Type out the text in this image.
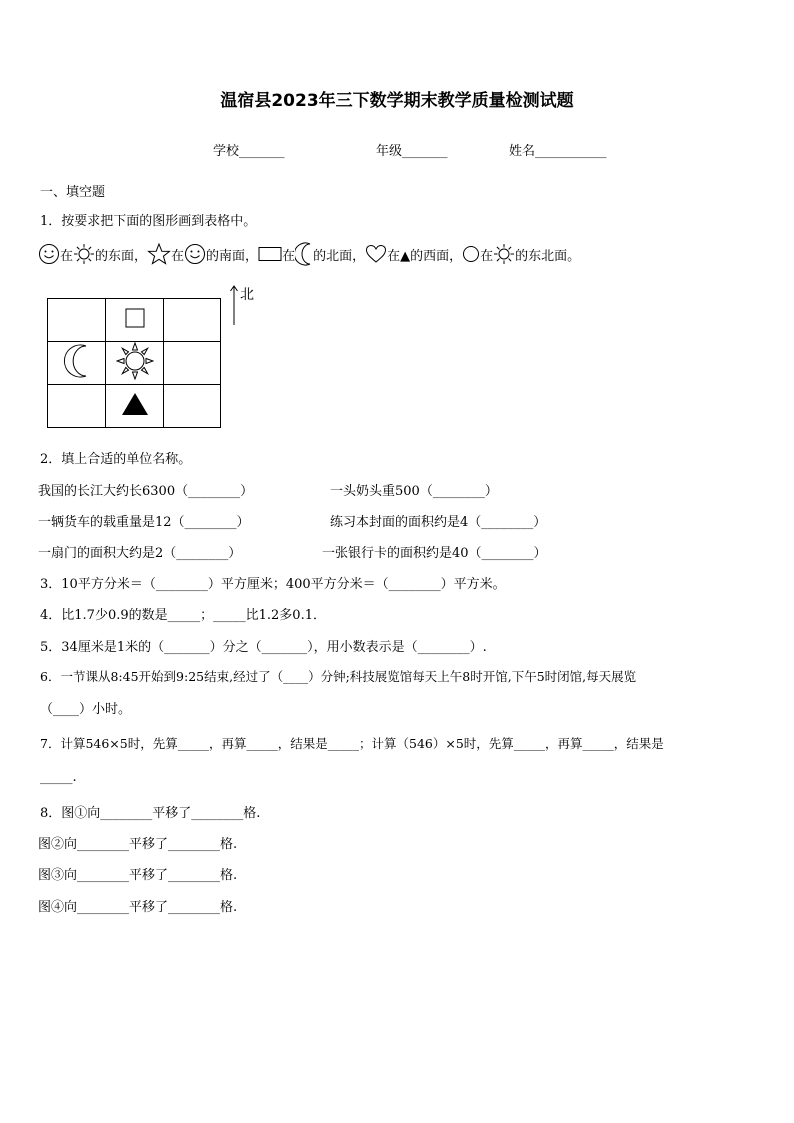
温宿县2023年三下数学期末教学质量检测试题
学校_______	年级_______	姓名___________
一、填空题
1．按要求把下面的图形画到表格中。
在 的东面， 在 的南面， 在 的北面， 在 ▲的西面， 在 的东北面。

北
2．填上合适的单位名称。
我国的长江大约长6300（________）	一头奶头重500（________）
一辆货车的载重量是12（________）	练习本封面的面积约是4（________）
一扇门的面积大约是2（________）	一张银行卡的面积约是40（________）
3．10平方分米＝（________）平方厘米；400平方分米＝（________）平方米。
4．比1.7少0.9的数是_____；_____比1.2多0.1．
5．34厘米是1米的（_______）分之（_______），用小数表示是（________）.
6．一节课从8:45开始到9:25结束,经过了（____）分钟;科技展览馆每天上午8时开馆,下午5时闭馆,每天展览
（____）小时。
7．计算546×5时，先算_____，再算_____，结果是_____；计算（546）×5时，先算_____，再算_____，结果是
_____.
8．图①向________平移了________格.
图②向________平移了________格.
图③向________平移了________格.
图④向________平移了________格.
